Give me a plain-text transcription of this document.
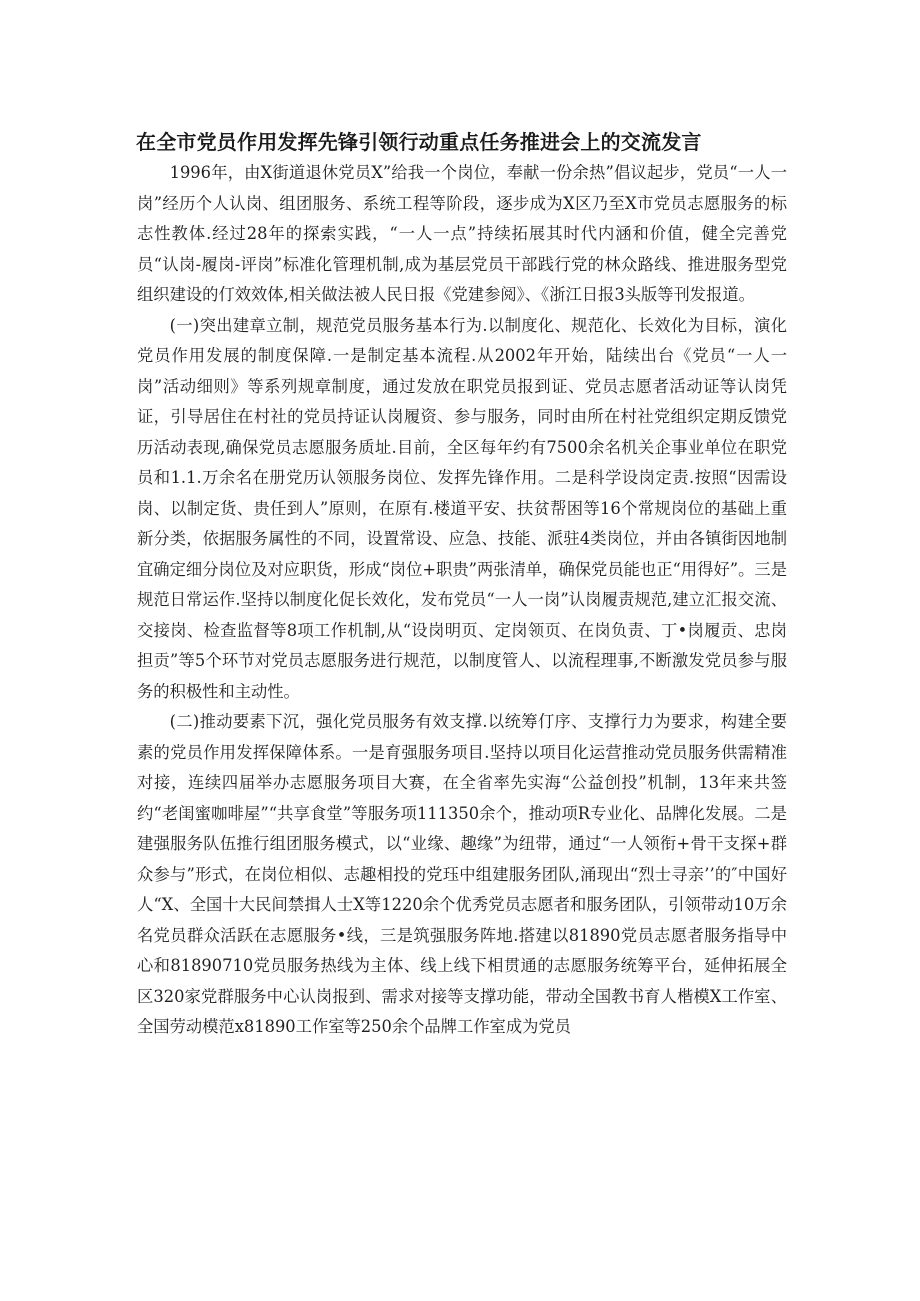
在全市党员作用发挥先锋引领行动重点任务推进会上的交流发言

1996年，由X街道退休党员X”给我一个岗位，奉献一份余热”倡议起步，党员“一人一岗”经历个人认岗、组团服务、系统工程等阶段，逐步成为X区乃至X市党员志愿服务的标志性教体.经过28年的探索实践，“一人一点”持续拓展其时代内涵和价值，健全完善党员“认岗-履岗-评岗”标准化管理机制,成为基层党员干部践行党的林众路线、推进服务型党组织建设的仃效效体,相关做法被人民日报《党建参阅》、《浙江日报3头版等刊发报道。

(一)突出建章立制，规范党员服务基本行为.以制度化、规范化、长效化为目标，演化党员作用发展的制度保障.一是制定基本流程.从2002年开始，陆续出台《党员“一人一岗”活动细则》等系列规章制度，通过发放在职党员报到证、党员志愿者活动证等认岗凭证，引导居住在村社的党员持证认岗履资、参与服务，同时由所在村社党组织定期反馈党历活动表现,确保党员志愿服务质址.目前，全区每年约有7500余名机关企事业单位在职党员和1.1.万余名在册党历认领服务岗位、发挥先锋作用。二是科学设岗定责.按照“因需设岗、以制定货、贵任到人”原则，在原有.楼道平安、扶贫帮困等16个常规岗位的基础上重新分类，依据服务属性的不同，设置常设、应急、技能、派驻4类岗位，并由各镇街因地制宜确定细分岗位及对应职货，形成“岗位+职贵”两张清单，确保党员能也正“用得好”。三是规范日常运作.坚持以制度化促长效化，发布党员“一人一岗”认岗履责规范,建立汇报交流、交接岗、检查监督等8项工作机制,从“设岗明页、定岗领页、在岗负责、丁•岗履贡、忠岗担贡”等5个环节对党员志愿服务进行规范，以制度管人、以流程理事,不断激发党员参与服务的积极性和主动性。

(二)推动要素下沉，强化党员服务有效支撑.以统筹仃序、支撑行力为要求，构建全要素的党员作用发挥保障体系。一是育强服务项目.坚持以项目化运营推动党员服务供需精准对接，连续四届举办志愿服务项目大赛，在全省率先实海“公益创投”机制，13年来共签约“老闺蜜咖啡屋”“共享食堂”等服务项111350余个，推动项R专业化、品牌化发展。二是建强服务队伍推行组团服务模式，以“业缘、趣缘”为纽带，通过“一人领衔+骨干支探+群众参与”形式，在岗位相似、志趣相投的党珏中组建服务团队,涌现出“烈士寻亲’’的″中国好人“X、全国十大民间禁揖人士X等1220余个优秀党员志愿者和服务团队，引领带动10万余名党员群众活跃在志愿服务•线，三是筑强服务阵地.搭建以81890党员志愿者服务指导中心和81890710党员服务热线为主体、线上线下相贯通的志愿服务统筹平台，延伸拓展全区320家党群服务中心认岗报到、需求对接等支撑功能，带动全国教书育人楷模X工作室、全国劳动模范x81890工作室等250余个品牌工作室成为党员
